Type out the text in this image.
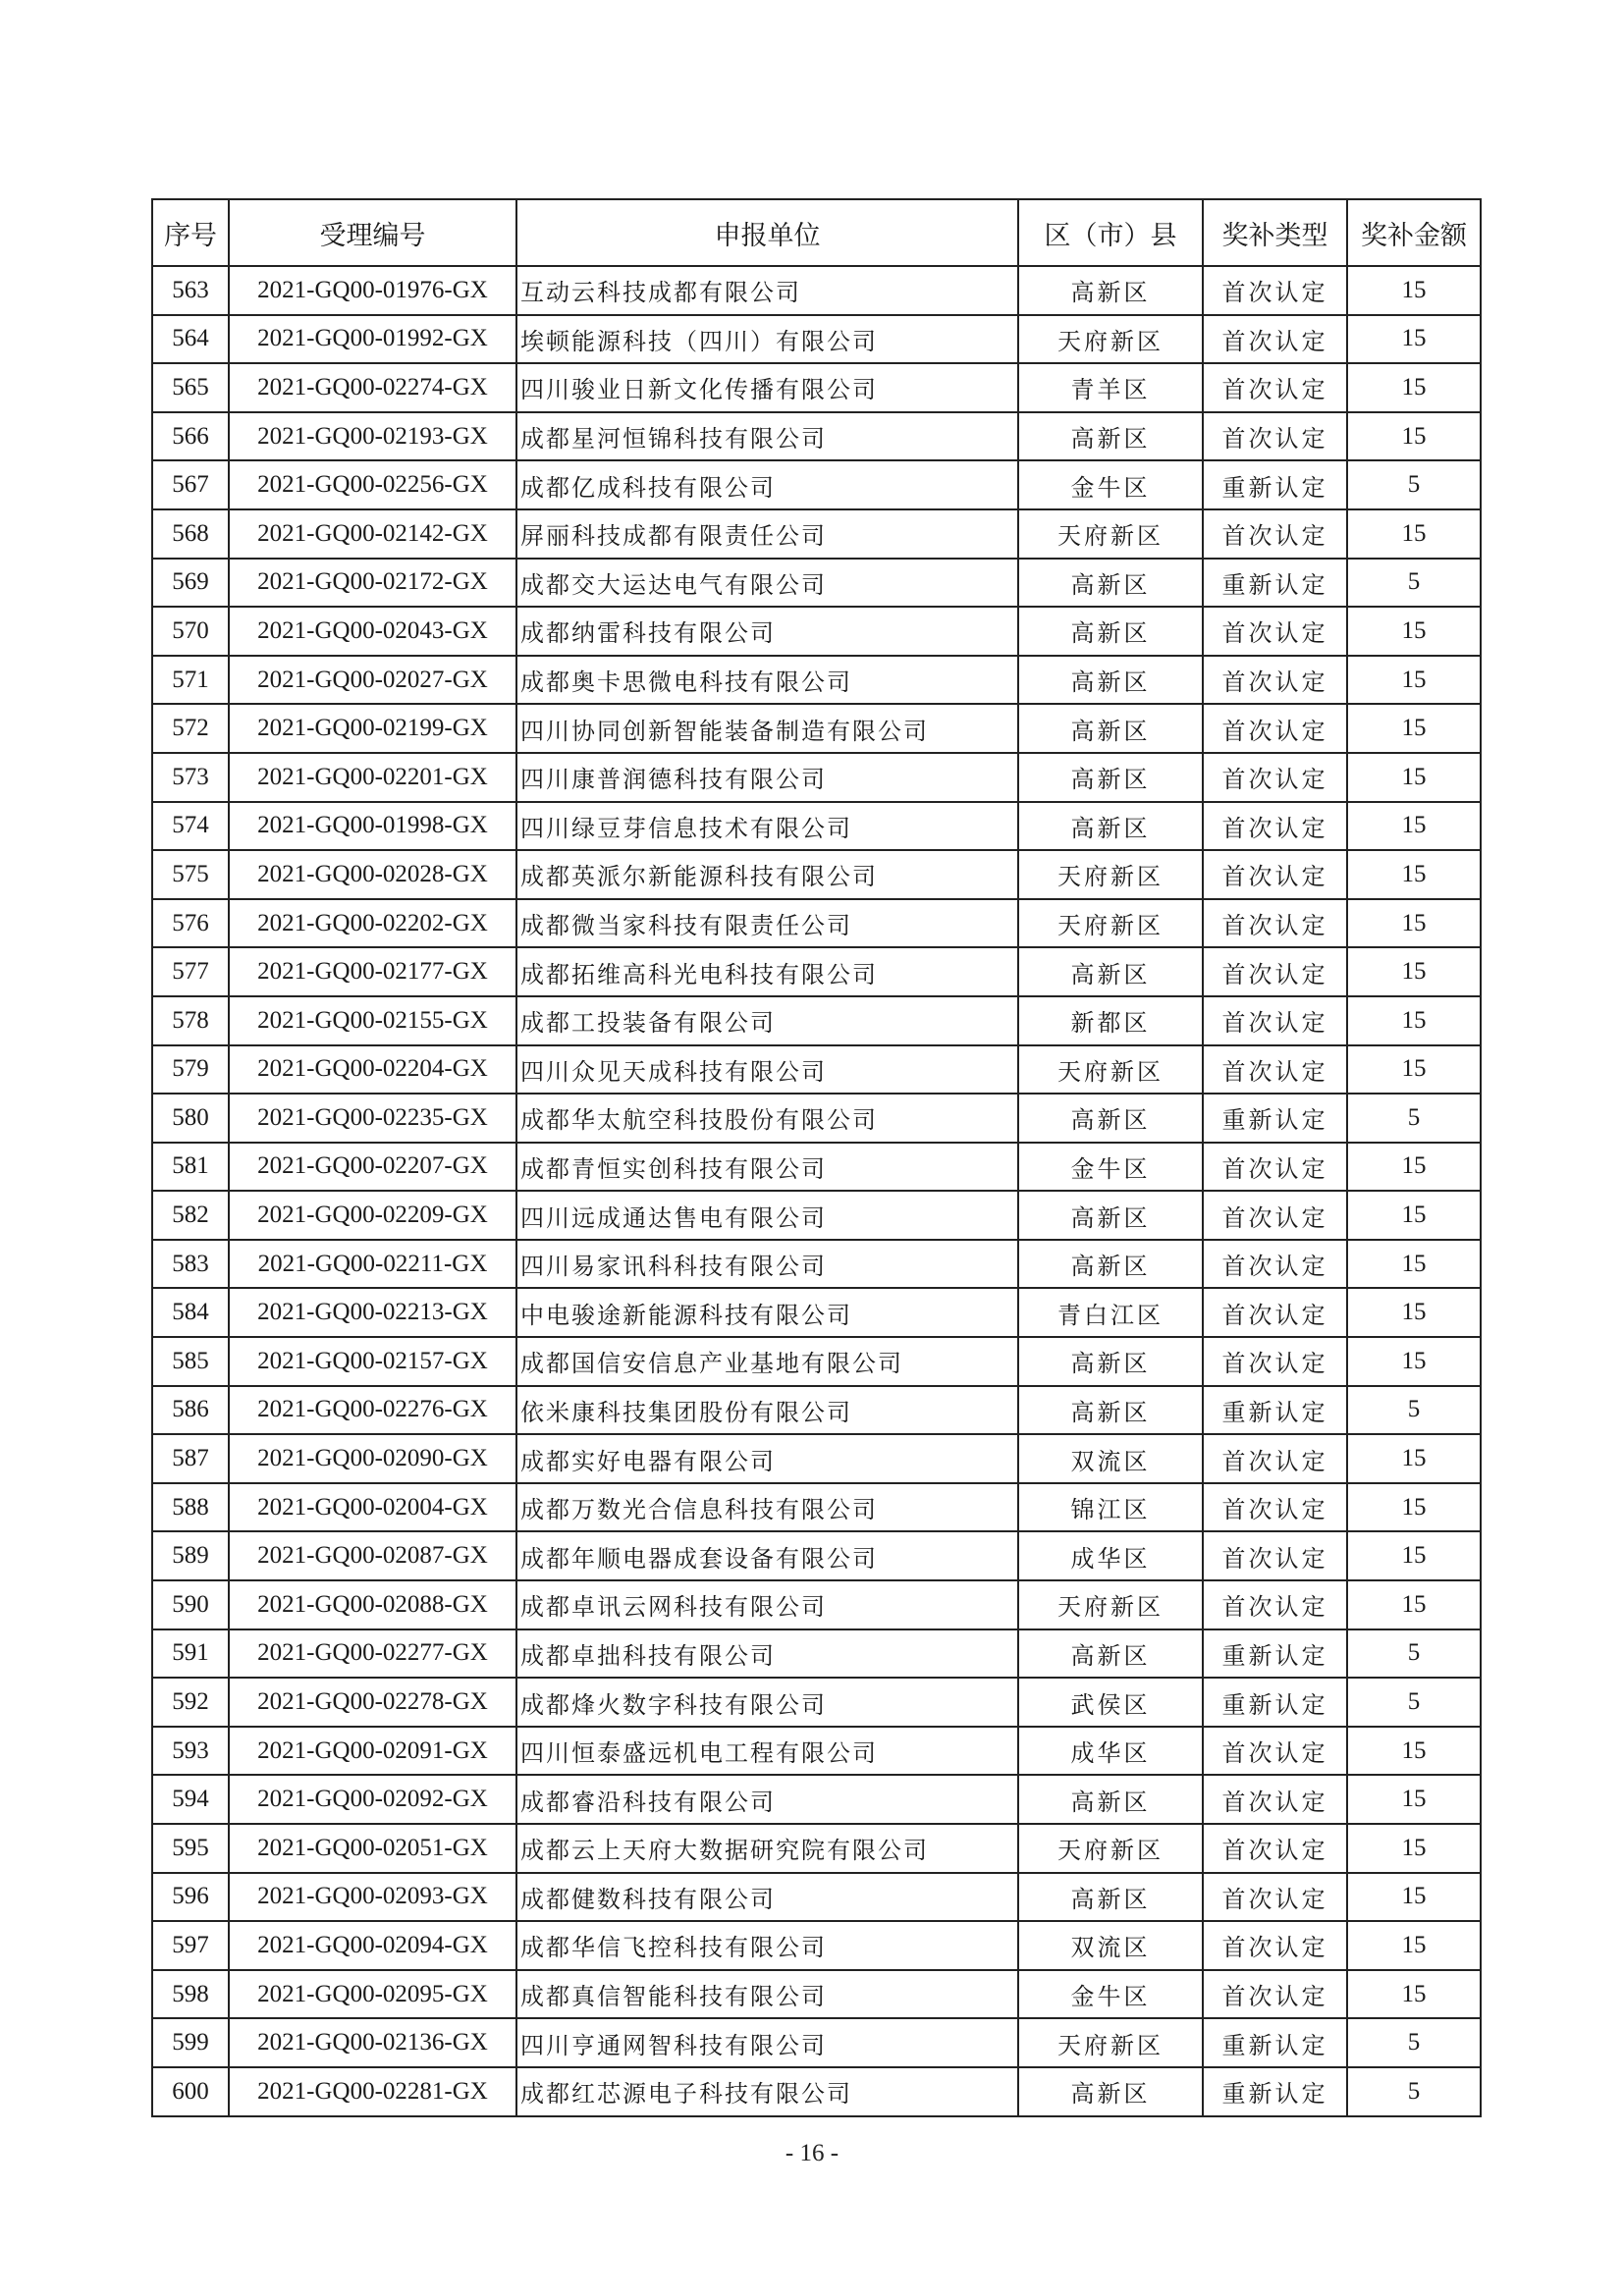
序号	受理编号	申报单位	区（市）县	奖补类型	奖补金额
563	2021-GQ00-01976-GX	互动云科技成都有限公司	高新区	首次认定	15
564	2021-GQ00-01992-GX	埃顿能源科技（四川）有限公司	天府新区	首次认定	15
565	2021-GQ00-02274-GX	四川骏业日新文化传播有限公司	青羊区	首次认定	15
566	2021-GQ00-02193-GX	成都星河恒锦科技有限公司	高新区	首次认定	15
567	2021-GQ00-02256-GX	成都亿成科技有限公司	金牛区	重新认定	5
568	2021-GQ00-02142-GX	屏丽科技成都有限责任公司	天府新区	首次认定	15
569	2021-GQ00-02172-GX	成都交大运达电气有限公司	高新区	重新认定	5
570	2021-GQ00-02043-GX	成都纳雷科技有限公司	高新区	首次认定	15
571	2021-GQ00-02027-GX	成都奥卡思微电科技有限公司	高新区	首次认定	15
572	2021-GQ00-02199-GX	四川协同创新智能装备制造有限公司	高新区	首次认定	15
573	2021-GQ00-02201-GX	四川康普润德科技有限公司	高新区	首次认定	15
574	2021-GQ00-01998-GX	四川绿豆芽信息技术有限公司	高新区	首次认定	15
575	2021-GQ00-02028-GX	成都英派尔新能源科技有限公司	天府新区	首次认定	15
576	2021-GQ00-02202-GX	成都微当家科技有限责任公司	天府新区	首次认定	15
577	2021-GQ00-02177-GX	成都拓维高科光电科技有限公司	高新区	首次认定	15
578	2021-GQ00-02155-GX	成都工投装备有限公司	新都区	首次认定	15
579	2021-GQ00-02204-GX	四川众见天成科技有限公司	天府新区	首次认定	15
580	2021-GQ00-02235-GX	成都华太航空科技股份有限公司	高新区	重新认定	5
581	2021-GQ00-02207-GX	成都青恒实创科技有限公司	金牛区	首次认定	15
582	2021-GQ00-02209-GX	四川远成通达售电有限公司	高新区	首次认定	15
583	2021-GQ00-02211-GX	四川易家讯科科技有限公司	高新区	首次认定	15
584	2021-GQ00-02213-GX	中电骏途新能源科技有限公司	青白江区	首次认定	15
585	2021-GQ00-02157-GX	成都国信安信息产业基地有限公司	高新区	首次认定	15
586	2021-GQ00-02276-GX	依米康科技集团股份有限公司	高新区	重新认定	5
587	2021-GQ00-02090-GX	成都实好电器有限公司	双流区	首次认定	15
588	2021-GQ00-02004-GX	成都万数光合信息科技有限公司	锦江区	首次认定	15
589	2021-GQ00-02087-GX	成都年顺电器成套设备有限公司	成华区	首次认定	15
590	2021-GQ00-02088-GX	成都卓讯云网科技有限公司	天府新区	首次认定	15
591	2021-GQ00-02277-GX	成都卓拙科技有限公司	高新区	重新认定	5
592	2021-GQ00-02278-GX	成都烽火数字科技有限公司	武侯区	重新认定	5
593	2021-GQ00-02091-GX	四川恒泰盛远机电工程有限公司	成华区	首次认定	15
594	2021-GQ00-02092-GX	成都睿沿科技有限公司	高新区	首次认定	15
595	2021-GQ00-02051-GX	成都云上天府大数据研究院有限公司	天府新区	首次认定	15
596	2021-GQ00-02093-GX	成都健数科技有限公司	高新区	首次认定	15
597	2021-GQ00-02094-GX	成都华信飞控科技有限公司	双流区	首次认定	15
598	2021-GQ00-02095-GX	成都真信智能科技有限公司	金牛区	首次认定	15
599	2021-GQ00-02136-GX	四川亨通网智科技有限公司	天府新区	重新认定	5
600	2021-GQ00-02281-GX	成都红芯源电子科技有限公司	高新区	重新认定	5
- 16 -
